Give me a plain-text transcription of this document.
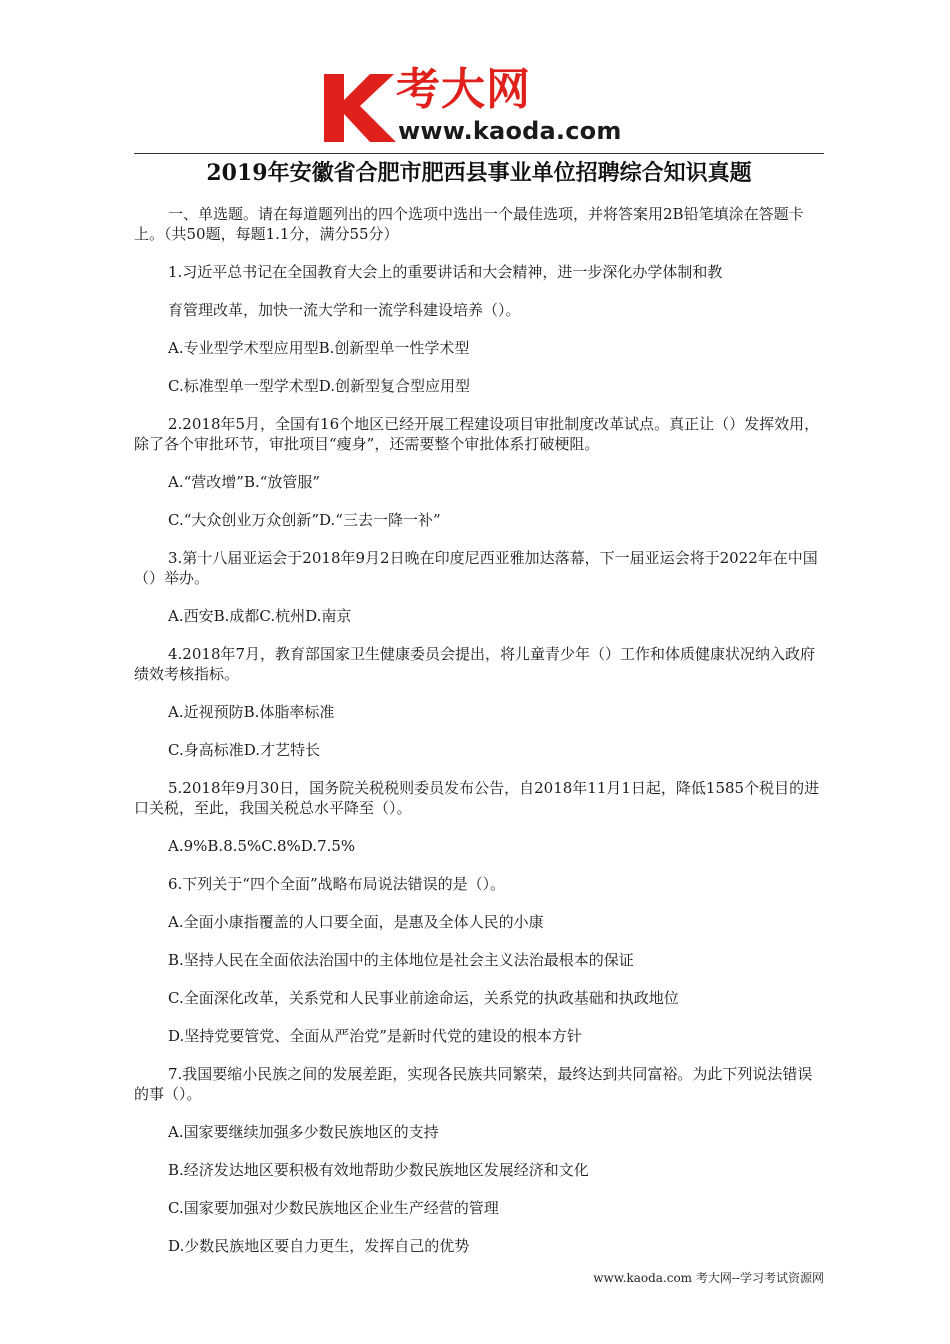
考大网
www.kaoda.com
2019年安徽省合肥市肥西县事业单位招聘综合知识真题

一、单选题。请在每道题列出的四个选项中选出一个最佳选项，并将答案用2B铅笔填涂在答题卡上。（共50题，每题1.1分，满分55分）

1.习近平总书记在全国教育大会上的重要讲话和大会精神，进一步深化办学体制和教

育管理改革，加快一流大学和一流学科建设培养（）。

A.专业型学术型应用型B.创新型单一性学术型

C.标准型单一型学术型D.创新型复合型应用型

2.2018年5月，全国有16个地区已经开展工程建设项目审批制度改革试点。真正让（）发挥效用，除了各个审批环节，审批项目“瘦身”，还需要整个审批体系打破梗阻。

A.“营改增”B.“放管服”

C.“大众创业万众创新”D.“三去一降一补”

3.第十八届亚运会于2018年9月2日晚在印度尼西亚雅加达落幕，下一届亚运会将于2022年在中国（）举办。

A.西安B.成都C.杭州D.南京

4.2018年7月，教育部国家卫生健康委员会提出，将儿童青少年（）工作和体质健康状况纳入政府绩效考核指标。

A.近视预防B.体脂率标准

C.身高标准D.才艺特长

5.2018年9月30日，国务院关税税则委员发布公告，自2018年11月1日起，降低1585个税目的进口关税，至此，我国关税总水平降至（）。

A.9%B.8.5%C.8%D.7.5%

6.下列关于“四个全面”战略布局说法错误的是（）。

A.全面小康指覆盖的人口要全面，是惠及全体人民的小康

B.坚持人民在全面依法治国中的主体地位是社会主义法治最根本的保证

C.全面深化改革，关系党和人民事业前途命运，关系党的执政基础和执政地位

D.坚持党要管党、全面从严治党”是新时代党的建设的根本方针

7.我国要缩小民族之间的发展差距，实现各民族共同繁荣，最终达到共同富裕。为此下列说法错误的事（）。

A.国家要继续加强多少数民族地区的支持

B.经济发达地区要积极有效地帮助少数民族地区发展经济和文化

C.国家要加强对少数民族地区企业生产经营的管理

D.少数民族地区要自力更生，发挥自己的优势

www.kaoda.com 考大网--学习考试资源网
